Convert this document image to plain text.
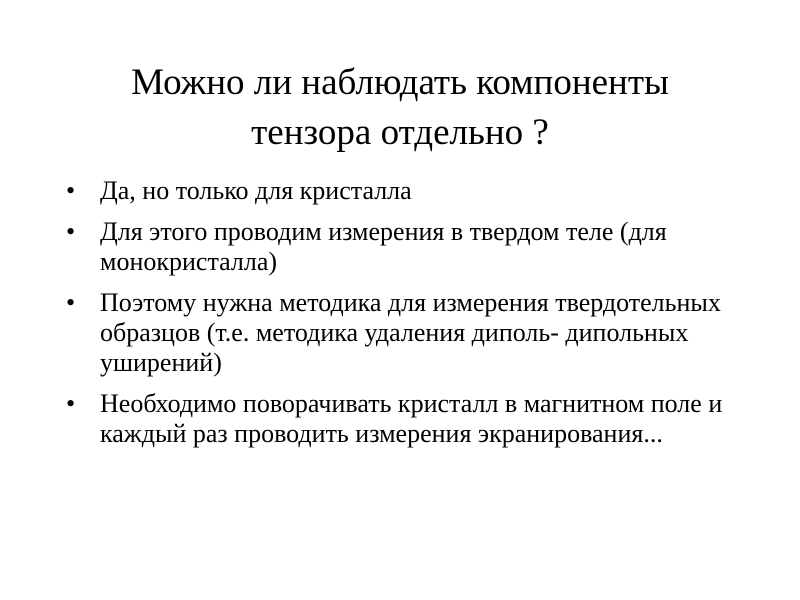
Можно ли наблюдать компоненты
тензора отдельно ?
• Да, но только для кристалла
• Для этого проводим измерения в твердом теле (для монокристалла)
• Поэтому нужна методика для измерения твердотельных образцов (т.е. методика удаления диполь- дипольных уширений)
• Необходимо поворачивать кристалл в магнитном поле и каждый раз проводить измерения экранирования...
